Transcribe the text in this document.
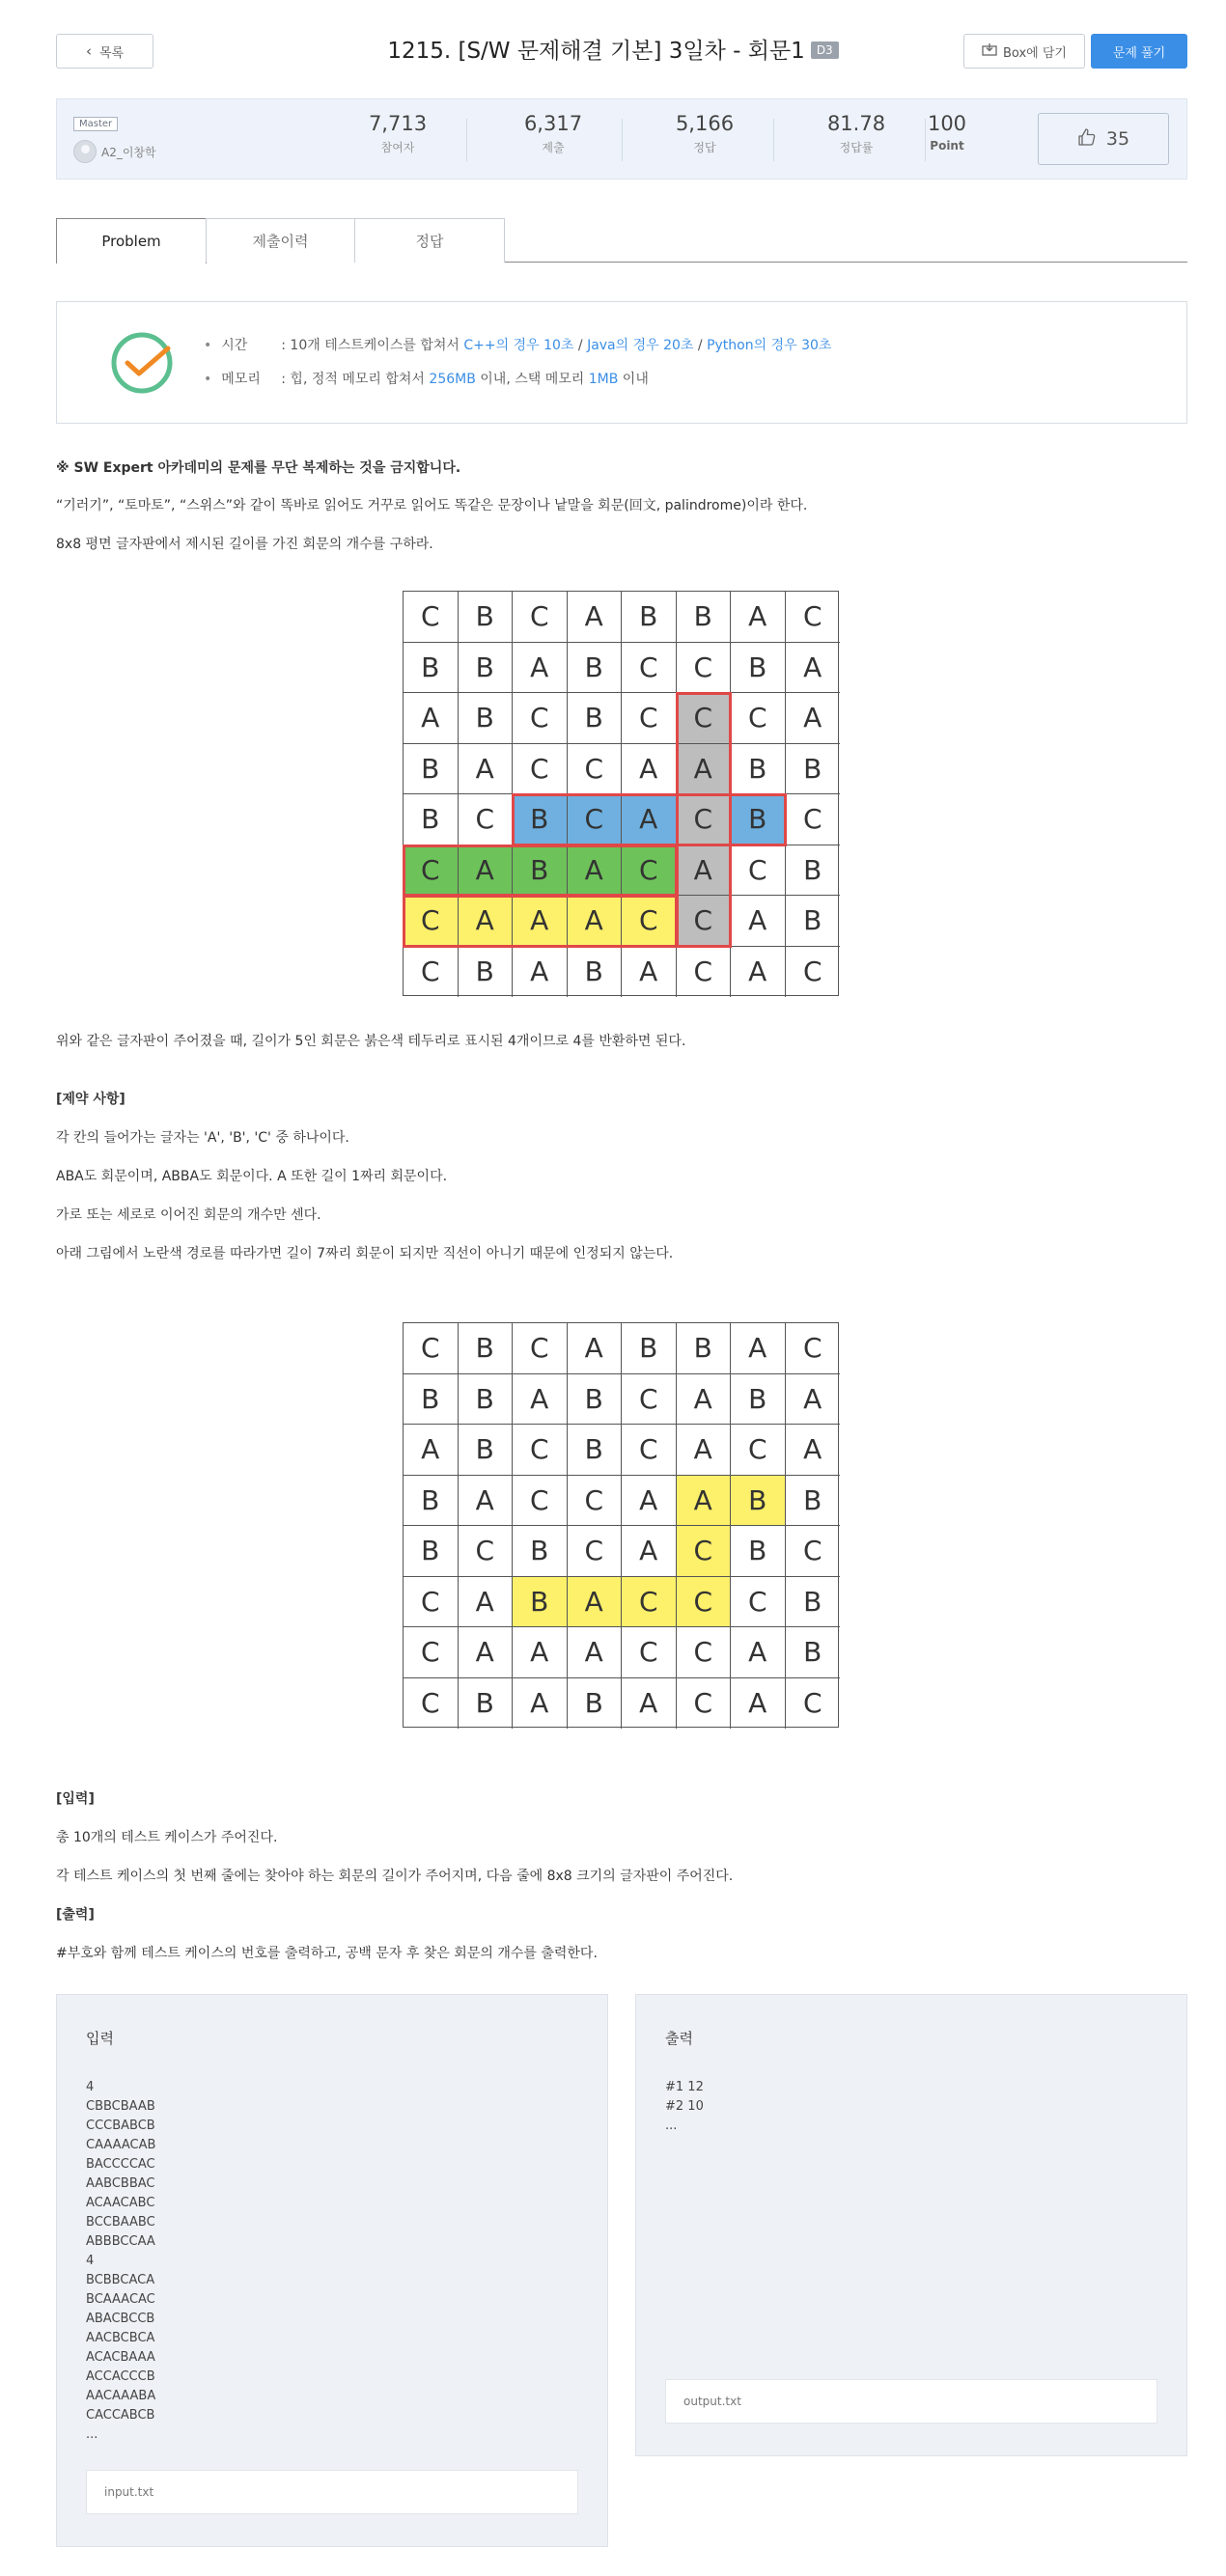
‹ 목록	1215. [S/W 문제해결 기본] 3일차 - 회문1 D3	Box에 담기	문제 풀기
Master
A2_이창학
7,713
참여자
6,317
제출
5,166
정답
81.78
정답률
100
Point	35
Problem	제출이력	정답
• 시간 : 10개 테스트케이스를 합쳐서 C++의 경우 10초 / Java의 경우 20초 / Python의 경우 30초
• 메모리 : 힙, 정적 메모리 합쳐서 256MB 이내, 스택 메모리 1MB 이내
※ SW Expert 아카데미의 문제를 무단 복제하는 것을 금지합니다.
“기러기”, “토마토”, “스위스”와 같이 똑바로 읽어도 거꾸로 읽어도 똑같은 문장이나 낱말을 회문(回文, palindrome)이라 한다.
8x8 평면 글자판에서 제시된 길이를 가진 회문의 개수를 구하라.
C	B	C	A	B	B	A	C
B	B	A	B	C	C	B	A
A	B	C	B	C	C	C	A
B	A	C	C	A	A	B	B
B	C	B	C	A	C	B	C
C	A	B	A	C	A	C	B
C	A	A	A	C	C	A	B
C	B	A	B	A	C	A	C
위와 같은 글자판이 주어졌을 때, 길이가 5인 회문은 붉은색 테두리로 표시된 4개이므로 4를 반환하면 된다.
[제약 사항]
각 칸의 들어가는 글자는 'A', 'B', 'C' 중 하나이다.
ABA도 회문이며, ABBA도 회문이다. A 또한 길이 1짜리 회문이다.
가로 또는 세로로 이어진 회문의 개수만 센다.
아래 그림에서 노란색 경로를 따라가면 길이 7짜리 회문이 되지만 직선이 아니기 때문에 인정되지 않는다.
C	B	C	A	B	B	A	C
B	B	A	B	C	A	B	A
A	B	C	B	C	A	C	A
B	A	C	C	A	A	B	B
B	C	B	C	A	C	B	C
C	A	B	A	C	C	C	B
C	A	A	A	C	C	A	B
C	B	A	B	A	C	A	C
[입력]
총 10개의 테스트 케이스가 주어진다.
각 테스트 케이스의 첫 번째 줄에는 찾아야 하는 회문의 길이가 주어지며, 다음 줄에 8x8 크기의 글자판이 주어진다.
[출력]
#부호와 함께 테스트 케이스의 번호를 출력하고, 공백 문자 후 찾은 회문의 개수를 출력한다.
입력
4
CBBCBAAB
CCCBABCB
CAAAACAB
BACCCCAC
AABCBBAC
ACAACABC
BCCBAABC
ABBBCCAA
4
BCBBCACA
BCAAACAC
ABACBCCB
AACBCBCA
ACACBAAA
ACCACCCB
AACAAABA
CACCABCB
...
input.txt
출력
#1 12
#2 10
...
output.txt
